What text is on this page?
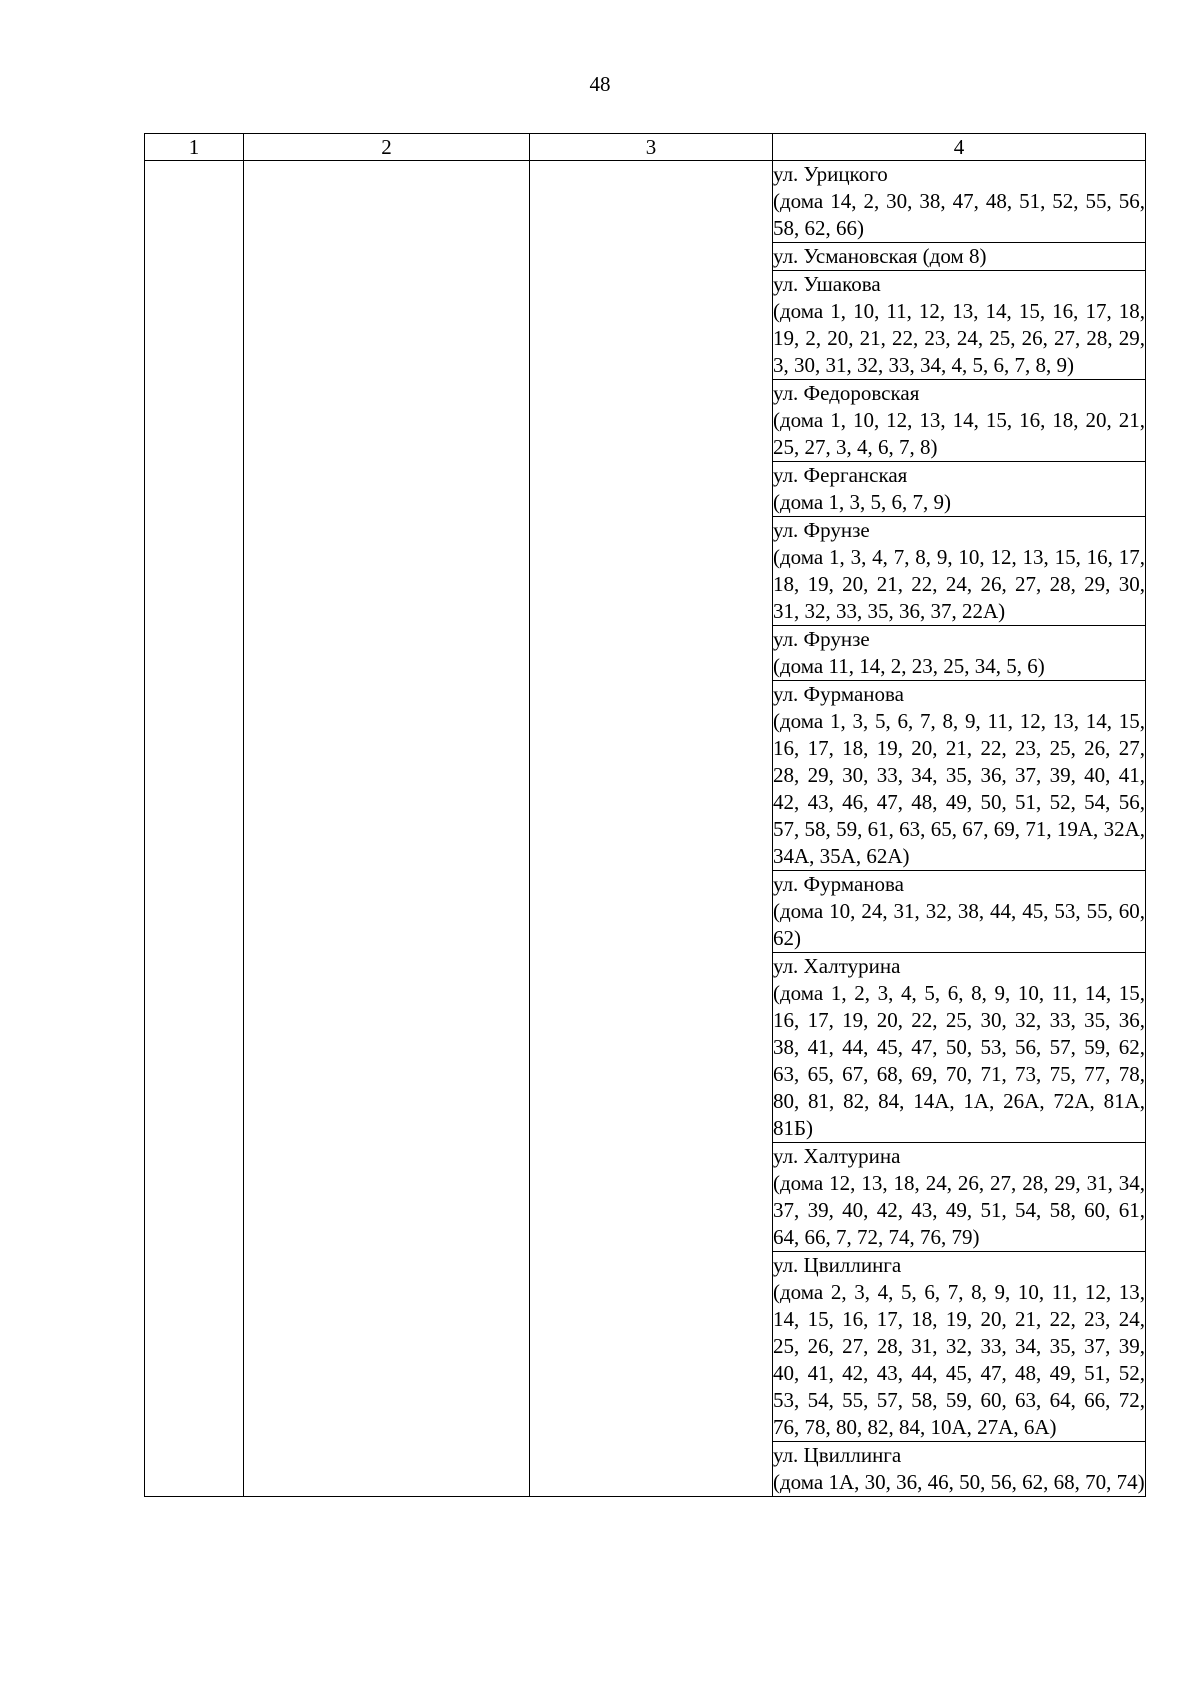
48
1	2	3	4

			ул. Урицкого
(дома 14, 2, 30, 38, 47, 48, 51, 52, 55, 56, 58, 62, 66)

			ул. Усмановская (дом 8)

			ул. Ушакова
(дома 1, 10, 11, 12, 13, 14, 15, 16, 17, 18, 19, 2, 20, 21, 22, 23, 24, 25, 26, 27, 28, 29, 3, 30, 31, 32, 33, 34, 4, 5, 6, 7, 8, 9)

			ул. Федоровская
(дома 1, 10, 12, 13, 14, 15, 16, 18, 20, 21, 25, 27, 3, 4, 6, 7, 8)

			ул. Ферганская
(дома 1, 3, 5, 6, 7, 9)

			ул. Фрунзе
(дома 1, 3, 4, 7, 8, 9, 10, 12, 13, 15, 16, 17, 18, 19, 20, 21, 22, 24, 26, 27, 28, 29, 30, 31, 32, 33, 35, 36, 37, 22А)

			ул. Фрунзе
(дома 11, 14, 2, 23, 25, 34, 5, 6)

			ул. Фурманова
(дома 1, 3, 5, 6, 7, 8, 9, 11, 12, 13, 14, 15, 16, 17, 18, 19, 20, 21, 22, 23, 25, 26, 27, 28, 29, 30, 33, 34, 35, 36, 37, 39, 40, 41, 42, 43, 46, 47, 48, 49, 50, 51, 52, 54, 56, 57, 58, 59, 61, 63, 65, 67, 69, 71, 19А, 32А, 34А, 35А, 62А)

			ул. Фурманова
(дома 10, 24, 31, 32, 38, 44, 45, 53, 55, 60, 62)

			ул. Халтурина
(дома 1, 2, 3, 4, 5, 6, 8, 9, 10, 11, 14, 15, 16, 17, 19, 20, 22, 25, 30, 32, 33, 35, 36, 38, 41, 44, 45, 47, 50, 53, 56, 57, 59, 62, 63, 65, 67, 68, 69, 70, 71, 73, 75, 77, 78, 80, 81, 82, 84, 14А, 1А, 26А, 72А, 81А, 81Б)

			ул. Халтурина
(дома 12, 13, 18, 24, 26, 27, 28, 29, 31, 34, 37, 39, 40, 42, 43, 49, 51, 54, 58, 60, 61, 64, 66, 7, 72, 74, 76, 79)

			ул. Цвиллинга
(дома 2, 3, 4, 5, 6, 7, 8, 9, 10, 11, 12, 13, 14, 15, 16, 17, 18, 19, 20, 21, 22, 23, 24, 25, 26, 27, 28, 31, 32, 33, 34, 35, 37, 39, 40, 41, 42, 43, 44, 45, 47, 48, 49, 51, 52, 53, 54, 55, 57, 58, 59, 60, 63, 64, 66, 72, 76, 78, 80, 82, 84, 10А, 27А, 6А)

			ул. Цвиллинга
(дома 1А, 30, 36, 46, 50, 56, 62, 68, 70, 74)
